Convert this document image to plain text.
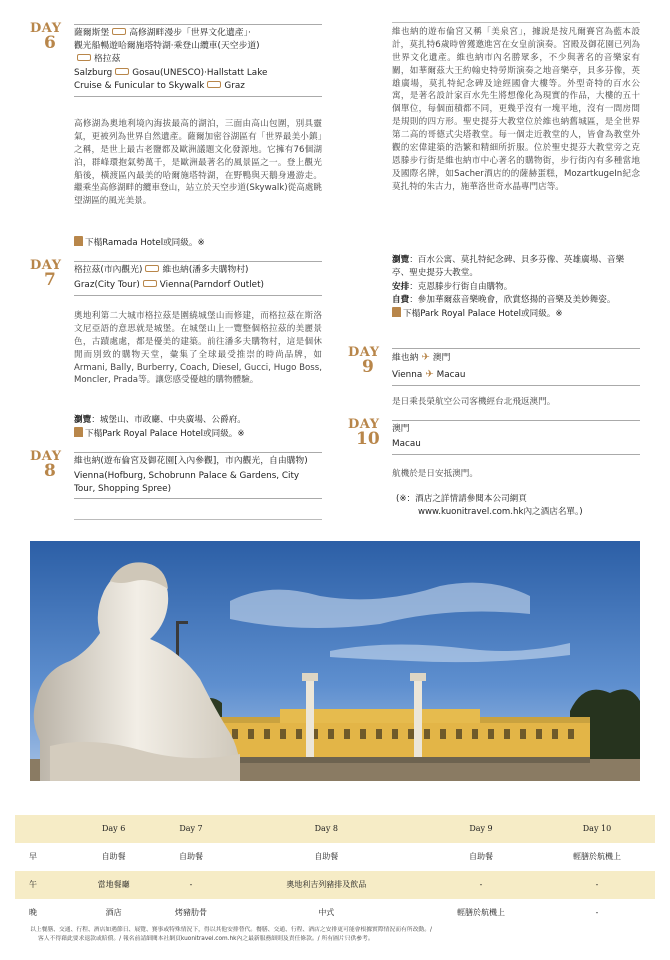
DAY
6	薩爾斯堡 高修湖畔漫步「世界文化遺產」‧
觀光船暢遊哈爾施塔特湖‧乘登山纜車(天空步道)
格拉茲
Salzburg Gosau(UNESCO)‧Hallstatt Lake
Cruise & Funicular to Skywalk Graz
高修湖為奧地利境內海拔最高的湖泊，三面由高山包圍，別具靈氣，更被列為世界自然遺產。薩爾加密谷湖區有「世界最美小鎮」之稱，是世上最古老鹽都及歐洲議題文化發源地。它擁有76個湖泊，群峰環抱氣勢萬千，是歐洲最著名的風景區之一。登上觀光船後，橫渡區內最美的哈爾施塔特湖，在野鴨與天鵝身邊游走。繼乘坐高修湖畔的纜車登山，站立於天空步道(Skywalk)從高處眺望湖區的風光美景。
下榻Ramada Hotel或同級。※
DAY
7	格拉茲(市內觀光) 維也納(潘多夫購物村)
Graz(City Tour) Vienna(Parndorf Outlet)
奧地利第二大城市格拉茲是圍繞城堡山而修建，而格拉茲在斯洛文尼亞語的意思就是城堡。在城堡山上一覽整個格拉茲的美麗景色，古蹟處處，都是優美的建築。前往潘多夫購物村，這是個休閒而別致的購物天堂，彙集了全球最受推崇的時尚品牌，如Armani, Bally, Burberry, Coach, Diesel, Gucci, Hugo Boss, Moncler, Prada等。讓您感受優越的購物體驗。
瀏覽：城堡山、市政廳、中央廣場、公爵府。
下榻Park Royal Palace Hotel或同級。※
DAY
8	維也納(遊布倫宮及御花園[入內參觀]，市內觀光，自由購物)
Vienna(Hofburg, Schobrunn Palace & Gardens, City Tour, Shopping Spree)
維也納的遊布倫宮又稱「美泉宮」，據說是按凡爾賽宮為藍本設計，莫扎特6歲時曾獲邀進宮在女皇前演奏。宮殿及御花園已列為世界文化遺產。維也納市內名勝眾多，不少與著名的音樂家有關，如華爾茲大王約翰史特勞斯演奏之地音樂亭，貝多芬像，英雄廣場，莫扎特紀念碑及途經國會大樓等。外型奇特的百水公寓，是著名設計家百水先生將想像化為現實的作品，大樓的五十個單位，每個面積都不同，更幾乎沒有一塊平地，沒有一間房間是規則的四方形。聖史提芬大教堂位於維也納舊城區，是全世界第二高的哥德式尖塔教堂。每一個走近教堂的人，皆會為教堂外觀的宏偉建築的浩繁和精細所折服。位於聖史提芬大教堂旁之克恩滕步行街是維也納市中心著名的購物街，步行街內有多種當地及國際名牌，如Sacher酒店的的薩赫蛋糕，MozartkugeIn紀念莫扎特的朱古力，施華洛世奇水晶專門店等。
瀏覽：百水公寓、莫扎特紀念碑、貝多芬像、英雄廣場、音樂亭、聖史提芬大教堂。
安排：克恩滕步行街自由購物。
自費：參加華爾茲音樂晚會，欣賞悠揚的音樂及美妙舞姿。
下榻Park Royal Palace Hotel或同級。※
DAY
9	維也納 ✈ 澳門
Vienna ✈ Macau
是日乘長榮航空公司客機經台北飛返澳門。
DAY
10	澳門
Macau
航機於是日安抵澳門。
(※：酒店之詳情請參閱本公司網頁
www.kuonitravel.com.hk內之酒店名單。)
	Day 6	Day 7	Day 8	Day 9	Day 10
早	自助餐	自助餐	自助餐	自助餐	輕膳於航機上
午	當地餐廳	-	奧地利吉列豬排及飲品	-	-
晚	酒店	烤豬肋骨	中式	輕膳於航機上	-
以上餐膳、交通、行程、酒店如遇節日、展覽、賽事或特殊情況下，得以其他安排替代。餐膳、交通、行程、酒店之安排更可能會根據實際情況而有所改動。/
客人不得藉此要求退款或賠償。/ 報名前請細閱本社網頁kuonitravel.com.hk內之最新服務細則及責任條款。/ 所有圖片只供參考。
